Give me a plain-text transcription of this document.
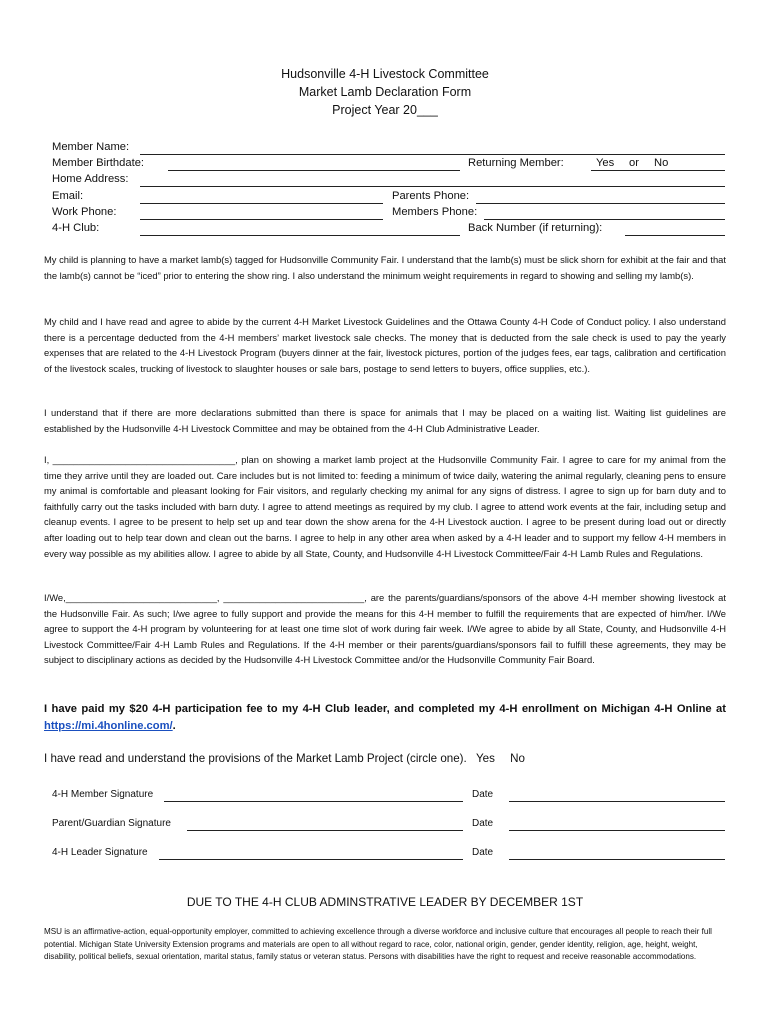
Hudsonville 4-H Livestock Committee
Market Lamb Declaration Form
Project Year 20___
Member Name:
Member Birthdate:	Returning Member:	Yes or No
Home Address:
Email:	Parents Phone:
Work Phone:	Members Phone:
4-H Club:	Back Number (if returning):
My child is planning to have a market lamb(s) tagged for Hudsonville Community Fair. I understand that the lamb(s) must be slick shorn for exhibit at the fair and that the lamb(s) cannot be “iced” prior to entering the show ring. I also understand the minimum weight requirements in regard to showing and selling my lamb(s).
My child and I have read and agree to abide by the current 4-H Market Livestock Guidelines and the Ottawa County 4-H Code of Conduct policy. I also understand there is a percentage deducted from the 4-H members’ market livestock sale checks. The money that is deducted from the sale check is used to pay the yearly expenses that are related to the 4-H Livestock Program (buyers dinner at the fair, livestock pictures, portion of the judges fees, ear tags, calibration and certification of the livestock scales, trucking of livestock to slaughter houses or sale bars, postage to send letters to buyers, office supplies, etc.).
I understand that if there are more declarations submitted than there is space for animals that I may be placed on a waiting list. Waiting list guidelines are established by the Hudsonville 4-H Livestock Committee and may be obtained from the 4-H Club Administrative Leader.
I, ___________________________________, plan on showing a market lamb project at the Hudsonville Community Fair. I agree to care for my animal from the time they arrive until they are loaded out. Care includes but is not limited to: feeding a minimum of twice daily, watering the animal regularly, cleaning pens to ensure my animal is comfortable and pleasant looking for Fair visitors, and regularly checking my animal for any signs of distress. I agree to sign up for barn duty and to faithfully carry out the tasks included with barn duty. I agree to attend meetings as required by my club. I agree to attend work events at the fair, including setup and cleanup events. I agree to be present to help set up and tear down the show arena for the 4-H Livestock auction. I agree to be present during load out or directly after loading out to help tear down and clean out the barns. I agree to help in any other area when asked by a 4-H leader and to support my fellow 4-H members in every way possible as my abilities allow. I agree to abide by all State, County, and Hudsonville 4-H Livestock Committee/Fair 4-H Lamb Rules and Regulations.
I/We,_____________________________, ___________________________, are the parents/guardians/sponsors of the above 4-H member showing livestock at the Hudsonville Fair. As such; I/we agree to fully support and provide the means for this 4-H member to fulfill the requirements that are expected of him/her. I/We agree to support the 4-H program by volunteering for at least one time slot of work during fair week. I/We agree to abide by all State, County, and Hudsonville 4-H Livestock Committee/Fair 4-H Lamb Rules and Regulations. If the 4-H member or their parents/guardians/sponsors fail to fulfill these agreements, they may be subject to disciplinary actions as decided by the Hudsonville 4-H Livestock Committee and/or the Hudsonville Community Fair Board.
I have paid my $20 4-H participation fee to my 4-H Club leader, and completed my 4-H enrollment on Michigan 4-H Online at https://mi.4honline.com/.
I have read and understand the provisions of the Market Lamb Project (circle one). Yes No
4-H Member Signature	Date
Parent/Guardian Signature	Date
4-H Leader Signature	Date
DUE TO THE 4-H CLUB ADMINSTRATIVE LEADER BY DECEMBER 1ST
MSU is an affirmative-action, equal-opportunity employer, committed to achieving excellence through a diverse workforce and inclusive culture that encourages all people to reach their full potential. Michigan State University Extension programs and materials are open to all without regard to race, color, national origin, gender, gender identity, religion, age, height, weight, disability, political beliefs, sexual orientation, marital status, family status or veteran status. Persons with disabilities have the right to request and receive reasonable accommodations.
